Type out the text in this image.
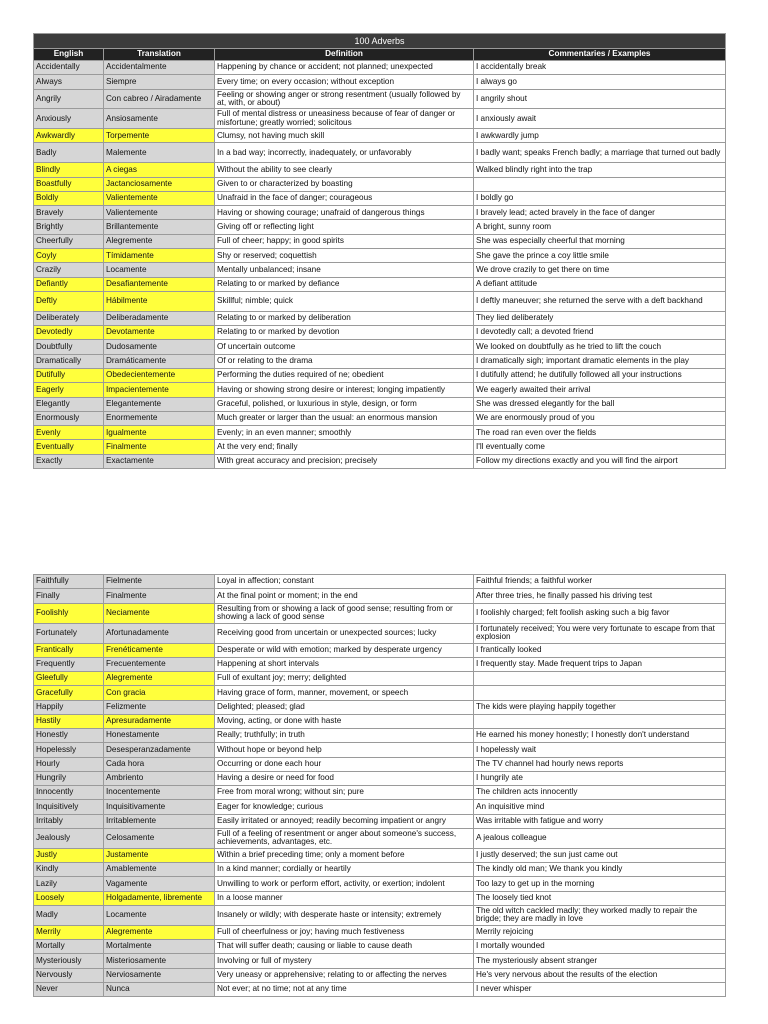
100 Adverbs			
English	Translation	Definition	Commentaries / Examples
Accidentally	Accidentalmente	Happening by chance or accident; not planned; unexpected	I accidentally break
Always	Siempre	Every time; on every occasion; without exception	I always go
Angrily	Con cabreo / Airadamente	Feeling or showing anger or strong resentment (usually followed by at, with, or about)	I angrily shout
Anxiously	Ansiosamente	Full of mental distress or uneasiness because of fear of danger or misfortune; greatly worried; solicitous	I anxiously await
Awkwardly	Torpemente	Clumsy, not having much skill	I awkwardly jump
Badly	Malemente	In a bad way; incorrectly, inadequately, or unfavorably	I badly want; speaks French badly; a marriage that turned out badly
Blindly	A ciegas	Without the ability to see clearly	Walked blindly right into the trap
Boastfully	Jactanciosamente	Given to or characterized by boasting	
Boldly	Valientemente	Unafraid in the face of danger; courageous	I boldly go
Bravely	Valientemente	Having or showing courage; unafraid of dangerous things	I bravely lead; acted bravely in the face of danger
Brightly	Brillantemente	Giving off or reflecting light	A bright, sunny room
Cheerfully	Alegremente	Full of cheer; happy; in good spirits	She was especially cheerful that morning
Coyly	Tímidamente	Shy or reserved; coquettish	She gave the prince a coy little smile
Crazily	Locamente	Mentally unbalanced; insane	We drove crazily to get there on time
Defiantly	Desafiantemente	Relating to or marked by defiance	A defiant attitude
Deftly	Hábilmente	Skillful; nimble; quick	I deftly maneuver; she returned the serve with a deft backhand
Deliberately	Deliberadamente	Relating to or marked by deliberation	They lied deliberately
Devotedly	Devotamente	Relating to or marked by devotion	I devotedly call; a devoted friend
Doubtfully	Dudosamente	Of uncertain outcome	We looked on doubtfully as he tried to lift the couch
Dramatically	Dramáticamente	Of or relating to the drama	I dramatically sigh; important dramatic elements in the play
Dutifully	Obedecientemente	Performing the duties required of ne; obedient	I dutifully attend; he dutifully followed all your instructions
Eagerly	Impacientemente	Having or showing strong desire or interest; longing impatiently	We eagerly awaited their arrival
Elegantly	Elegantemente	Graceful, polished, or luxurious in style, design, or form	She was dressed elegantly for the ball
Enormously	Enormemente	Much greater or larger than the usual: an enormous mansion	We are enormously proud of you
Evenly	Igualmente	Evenly; in an even manner; smoothly	The road ran even over the fields
Eventually	Finalmente	At the very end; finally	I'll eventually come
Exactly	Exactamente	With great accuracy and precision; precisely	Follow my directions exactly and you will find the airport
Faithfully	Fielmente	Loyal in affection; constant	Faithful friends; a faithful worker
Finally	Finalmente	At the final point or moment; in the end	After three tries, he finally passed his driving test
Foolishly	Neciamente	Resulting from or showing a lack of good sense; resulting from or showing a lack of good sense	I foolishly charged; felt foolish asking such a big favor
Fortunately	Afortunadamente	Receiving good from uncertain or unexpected sources; lucky	I fortunately received; You were very fortunate to escape from that explosion
Frantically	Frenéticamente	Desperate or wild with emotion; marked by desperate urgency	I frantically looked
Frequently	Frecuentemente	Happening at short intervals	I frequently stay. Made frequent trips to Japan
Gleefully	Alegremente	Full of exultant joy; merry; delighted	
Gracefully	Con gracia	Having grace of form, manner, movement, or speech	
Happily	Felizmente	Delighted; pleased; glad	The kids were playing happily together
Hastily	Apresuradamente	Moving, acting, or done with haste	
Honestly	Honestamente	Really; truthfully; in truth	He earned his money honestly; I honestly don't understand
Hopelessly	Desesperanzadamente	Without hope or beyond help	I hopelessly wait
Hourly	Cada hora	Occurring or done each hour	The TV channel had hourly news reports
Hungrily	Ambriento	Having a desire or need for food	I hungrily ate
Innocently	Inocentemente	Free from moral wrong; without sin; pure	The children acts innocently
Inquisitively	Inquisitivamente	Eager for knowledge; curious	An inquisitive mind
Irritably	Irritablemente	Easily irritated or annoyed; readily becoming impatient or angry	Was irritable with fatigue and worry
Jealously	Celosamente	Full of a feeling of resentment or anger about someone's success, achievements, advantages, etc.	A jealous colleague
Justly	Justamente	Within a brief preceding time; only a moment before	I justly deserved; the sun just came out
Kindly	Amablemente	In a kind manner; cordially or heartily	The kindly old man; We thank you kindly
Lazily	Vagamente	Unwilling to work or perform effort, activity, or exertion; indolent	Too lazy to get up in the morning
Loosely	Holgadamente, libremente	In a loose manner	The loosely tied knot
Madly	Locamente	Insanely or wildly; with desperate haste or intensity; extremely	The old witch cackled madly; they worked madly to repair the brigde; they are madly in love
Merrily	Alegremente	Full of cheerfulness or joy; having much festiveness	Merrily rejoicing
Mortally	Mortalmente	That will suffer death; causing or liable to cause death	I mortally wounded
Mysteriously	Misteriosamente	Involving or full of mystery	The mysteriously absent stranger
Nervously	Nerviosamente	Very uneasy or apprehensive; relating to or affecting the nerves	He's very nervous about the results of the election
Never	Nunca	Not ever; at no time; not at any time	I never whisper
